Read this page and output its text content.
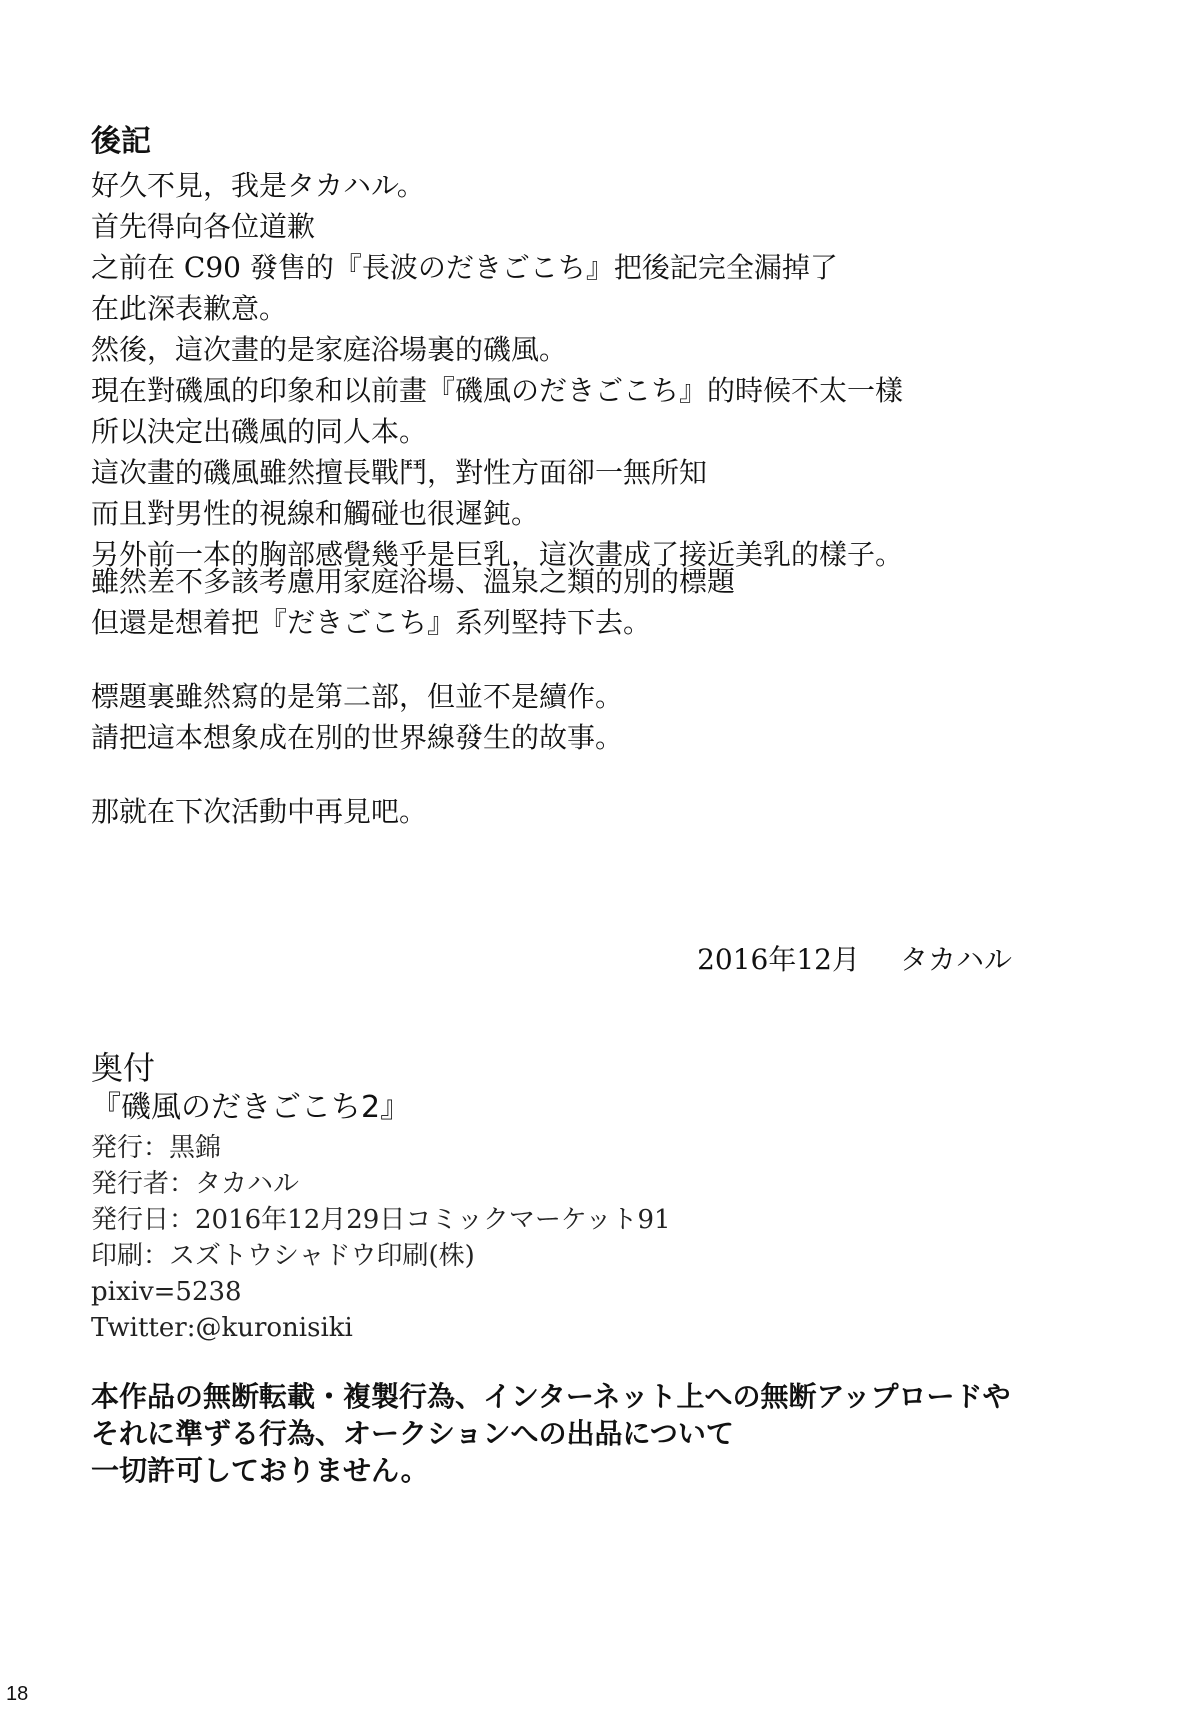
後記
好久不見，我是タカハル。
首先得向各位道歉
之前在 C90 發售的『長波のだきごこち』把後記完全漏掉了
在此深表歉意。
然後，這次畫的是家庭浴場裏的磯風。
現在對磯風的印象和以前畫『磯風のだきごこち』的時候不太一樣
所以決定出磯風的同人本。
這次畫的磯風雖然擅長戰鬥，對性方面卻一無所知
而且對男性的視線和觸碰也很遲鈍。
另外前一本的胸部感覺幾乎是巨乳，這次畫成了接近美乳的樣子。
雖然差不多該考慮用家庭浴場、溫泉之類的別的標題
但還是想着把『だきごこち』系列堅持下去。
標題裏雖然寫的是第二部，但並不是續作。
請把這本想象成在別的世界線發生的故事。
那就在下次活動中再見吧。
2016年12月 タカハル
奥付
『磯風のだきごこち2』
発行：黒錦
発行者：タカハル
発行日：2016年12月29日コミックマーケット91
印刷：スズトウシャドウ印刷(株)
pixiv=5238
Twitter:@kuronisiki
本作品の無断転載・複製行為、インターネット上への無断アップロードや
それに準ずる行為、オークションへの出品について
一切許可しておりません。
18
